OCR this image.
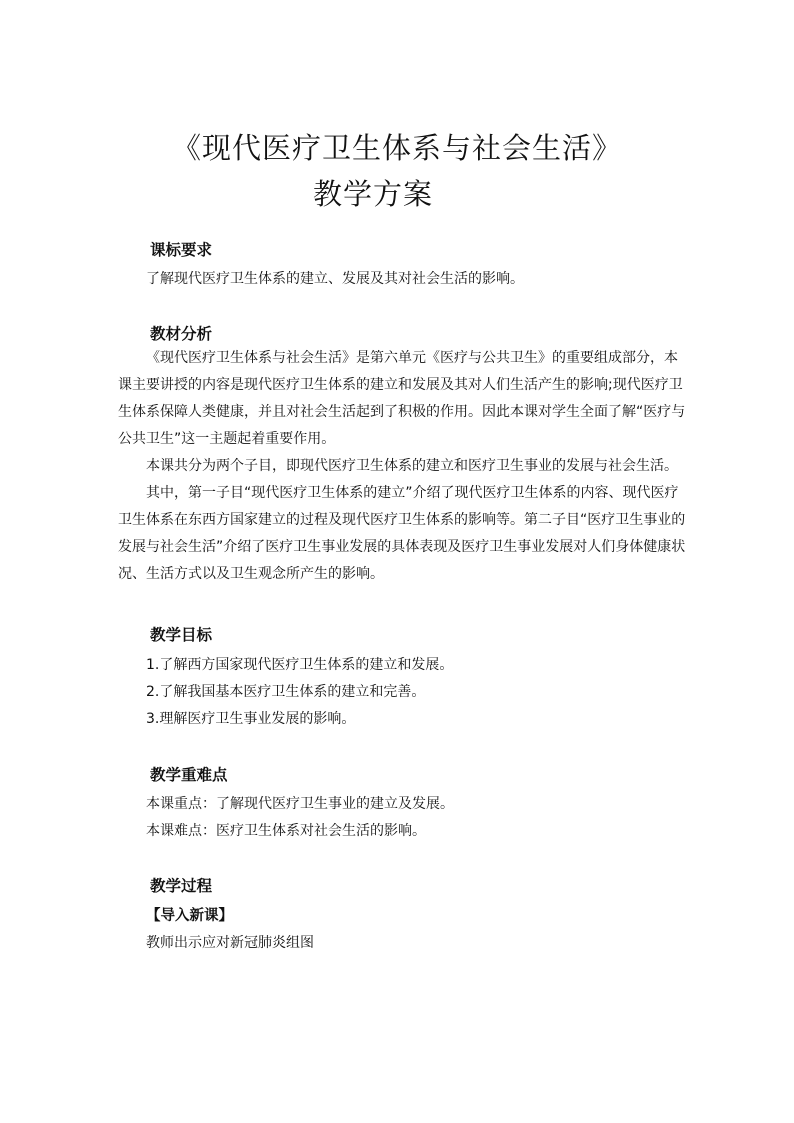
《现代医疗卫生体系与社会生活》
教学方案
课标要求
了解现代医疗卫生体系的建立、发展及其对社会生活的影响。
教材分析
《现代医疗卫生体系与社会生活》是第六单元《医疗与公共卫生》的重要组成部分，本课主要讲授的内容是现代医疗卫生体系的建立和发展及其对人们生活产生的影响;现代医疗卫生体系保障人类健康，并且对社会生活起到了积极的作用。因此本课对学生全面了解“医疗与公共卫生”这一主题起着重要作用。
本课共分为两个子目，即现代医疗卫生体系的建立和医疗卫生事业的发展与社会生活。
其中，第一子目“现代医疗卫生体系的建立”介绍了现代医疗卫生体系的内容、现代医疗卫生体系在东西方国家建立的过程及现代医疗卫生体系的影响等。第二子目“医疗卫生事业的发展与社会生活”介绍了医疗卫生事业发展的具体表现及医疗卫生事业发展对人们身体健康状况、生活方式以及卫生观念所产生的影响。
教学目标
1.了解西方国家现代医疗卫生体系的建立和发展。
2.了解我国基本医疗卫生体系的建立和完善。
3.理解医疗卫生事业发展的影响。
教学重难点
本课重点：了解现代医疗卫生事业的建立及发展。
本课难点：医疗卫生体系对社会生活的影响。
教学过程
【导入新课】
教师出示应对新冠肺炎组图
